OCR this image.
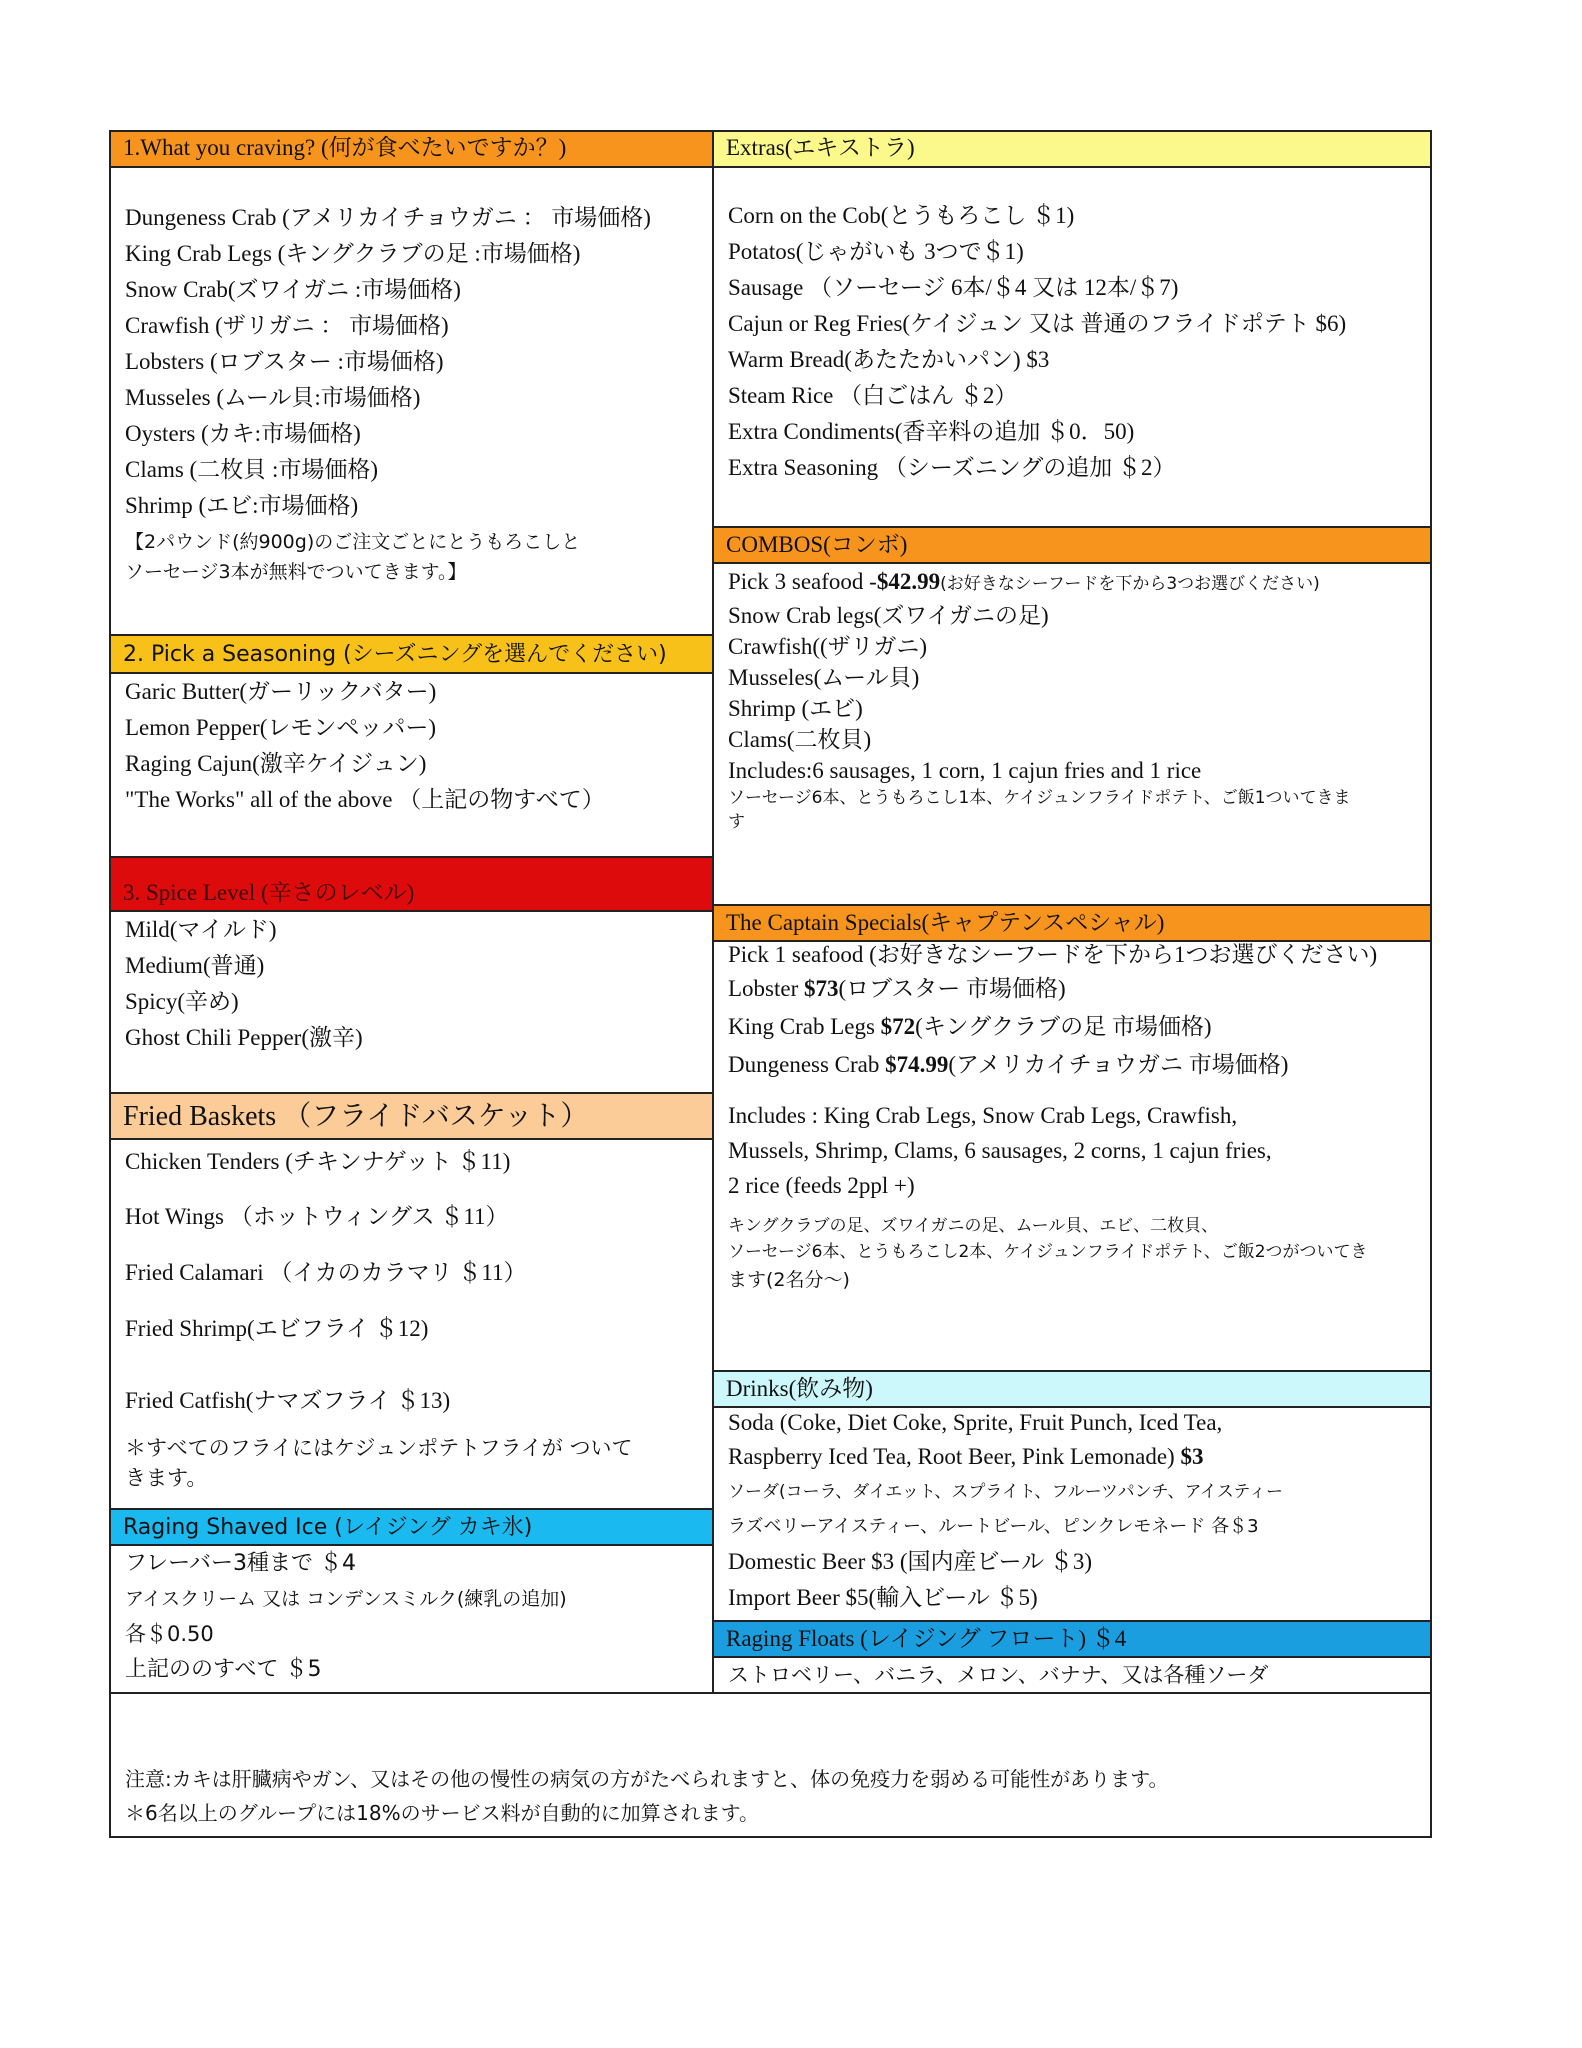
1.What you craving? (何が食べたいですか？)
Dungeness Crab (アメリカイチョウガニ ： 市場価格)
King Crab Legs (キングクラブの足 :市場価格)
Snow Crab(ズワイガニ :市場価格)
Crawfish (ザリガニ ： 市場価格)
Lobsters (ロブスター :市場価格)
Musseles (ムール貝:市場価格)
Oysters (カキ:市場価格)
Clams (二枚貝 :市場価格)
Shrimp (エビ:市場価格)
【2パウンド(約900g)のご注文ごとにとうもろこしと
ソーセージ3本が無料でついてきます。】
2. Pick a Seasoning (シーズニングを選んでください)
Garic Butter(ガーリックバター)
Lemon Pepper(レモンペッパー)
Raging Cajun(激辛ケイジュン)
"The Works" all of the above （上記の物すべて）
3. Spice Level (辛さのレベル)
Mild(マイルド)
Medium(普通)
Spicy(辛め)
Ghost Chili Pepper(激辛)
Fried Baskets （フライドバスケット）
Chicken Tenders (チキンナゲット ＄11)
Hot Wings （ホットウィングス ＄11）
Fried Calamari （イカのカラマリ ＄11）
Fried Shrimp(エビフライ ＄12)
Fried Catfish(ナマズフライ ＄13)
＊すべてのフライにはケジュンポテトフライが ついて
きます。
Raging Shaved Ice (レイジング カキ氷)
フレーバー3種まで ＄4
アイスクリーム 又は コンデンスミルク(練乳の追加)
各＄0.50
上記ののすべて ＄5
Extras(エキストラ)
Corn on the Cob(とうもろこし ＄1)
Potatos(じゃがいも 3つで＄1)
Sausage （ソーセージ 6本/＄4 又は 12本/＄7)
Cajun or Reg Fries(ケイジュン 又は 普通のフライドポテト $6)
Warm Bread(あたたかいパン) $3
Steam Rice （白ごはん ＄2）
Extra Condiments(香辛料の追加 ＄0．50)
Extra Seasoning （シーズニングの追加 ＄2）
COMBOS(コンボ)
Pick 3 seafood -$42.99(お好きなシーフードを下から3つお選びください)
Snow Crab legs(ズワイガニの足)
Crawfish((ザリガニ)
Musseles(ムール貝)
Shrimp (エビ)
Clams(二枚貝)
Includes:6 sausages, 1 corn, 1 cajun fries and 1 rice
ソーセージ6本、とうもろこし1本、ケイジュンフライドポテト、ご飯1ついてきま
す
The Captain Specials(キャプテンスペシャル)
Pick 1 seafood (お好きなシーフードを下から1つお選びください)
Lobster $73(ロブスター 市場価格)
King Crab Legs $72(キングクラブの足 市場価格)
Dungeness Crab $74.99(アメリカイチョウガニ 市場価格)
Includes : King Crab Legs, Snow Crab Legs, Crawfish,
Mussels, Shrimp, Clams, 6 sausages, 2 corns, 1 cajun fries,
2 rice (feeds 2ppl +)
キングクラブの足、ズワイガニの足、ムール貝、エビ、二枚貝、
ソーセージ6本、とうもろこし2本、ケイジュンフライドポテト、ご飯2つがついてき
ます(2名分～)
Drinks(飲み物)
Soda (Coke, Diet Coke, Sprite, Fruit Punch, Iced Tea,
Raspberry Iced Tea, Root Beer, Pink Lemonade) $3
ソーダ(コーラ、ダイエット、スプライト、フルーツパンチ、アイスティー
ラズベリーアイスティー、ルートビール、ピンクレモネード 各＄3
Domestic Beer $3 (国内産ビール ＄3)
Import Beer $5(輸入ビール ＄5)
Raging Floats (レイジング フロート) ＄4
ストロベリー、バニラ、メロン、バナナ、又は各種ソーダ
注意:カキは肝臓病やガン、又はその他の慢性の病気の方がたべられますと、体の免疫力を弱める可能性があります。
＊6名以上のグループには18%のサービス料が自動的に加算されます。
